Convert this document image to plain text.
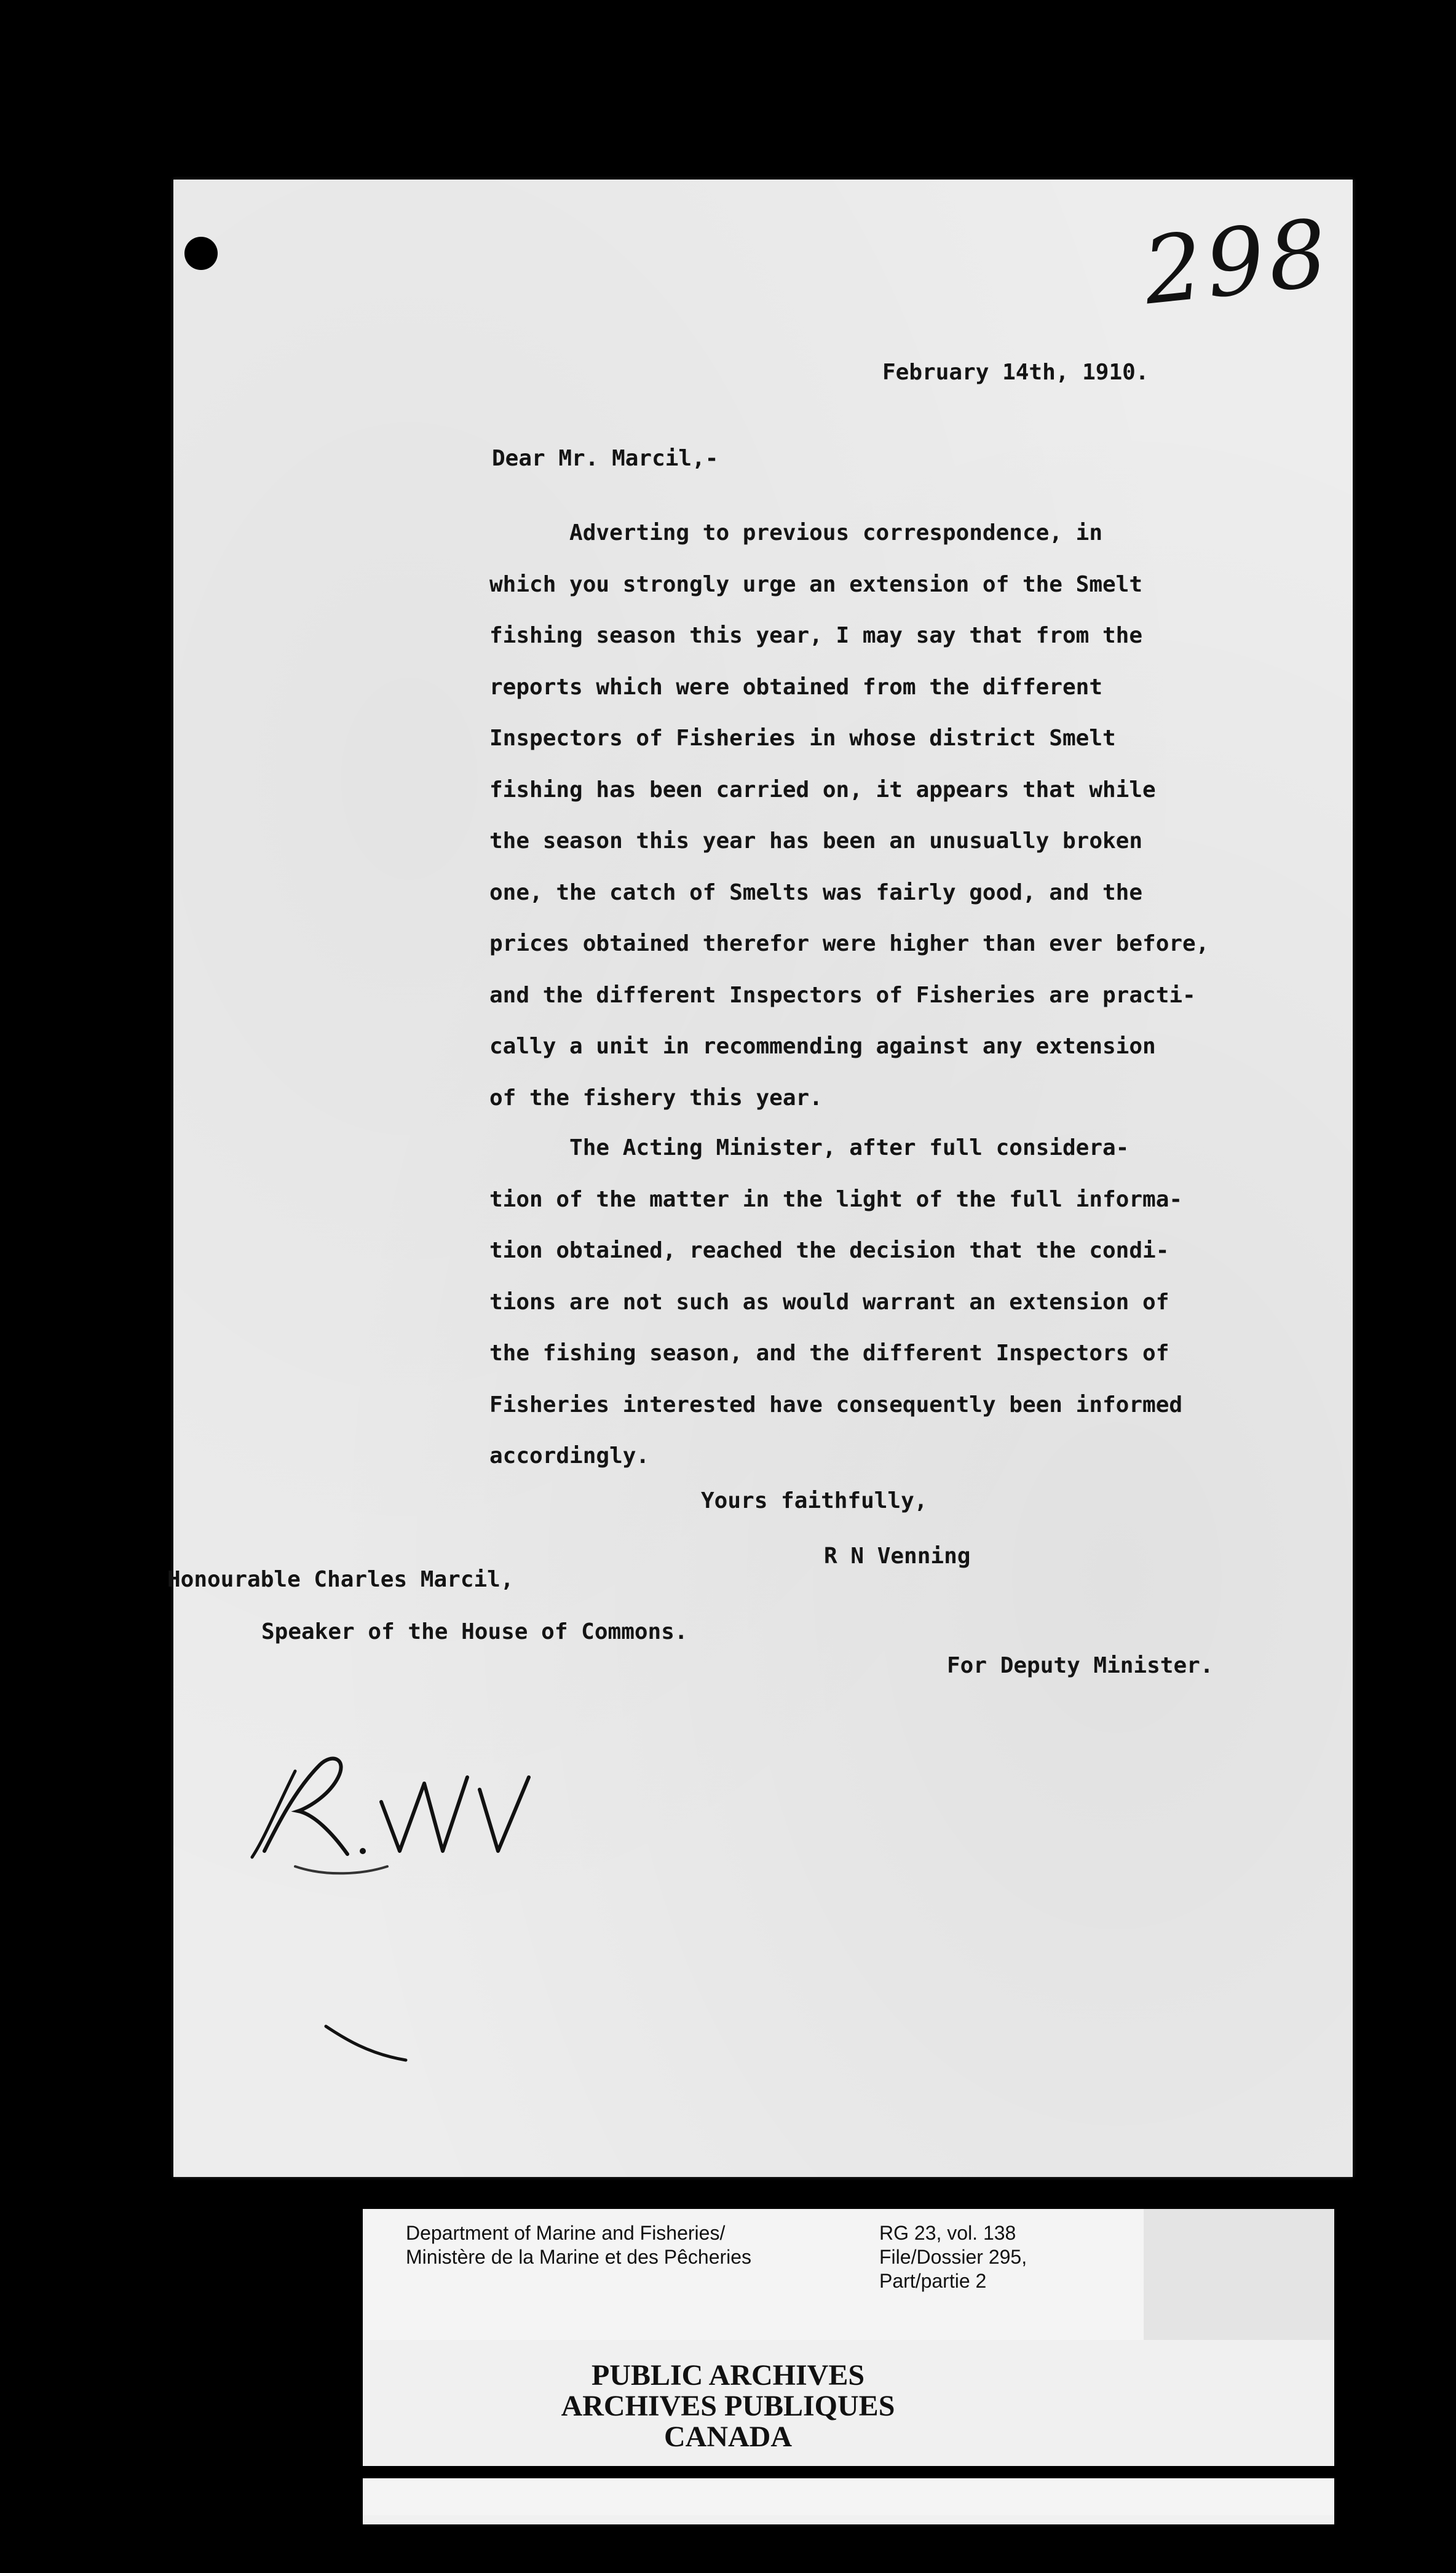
298
February 14th, 1910.
Dear Mr. Marcil,-
Adverting to previous correspondence, in
which you strongly urge an extension of the Smelt
fishing season this year, I may say that from the
reports which were obtained from the different
Inspectors of Fisheries in whose district Smelt
fishing has been carried on, it appears that while
the season this year has been an unusually broken
one, the catch of Smelts was fairly good, and the
prices obtained therefor were higher than ever before,
and the different Inspectors of Fisheries are practi-
cally a unit in recommending against any extension
of the fishery this year.
The Acting Minister, after full considera-
tion of the matter in the light of the full informa-
tion obtained, reached the decision that the condi-
tions are not such as would warrant an extension of
the fishing season, and the different Inspectors of
Fisheries interested have consequently been informed
accordingly.
Yours faithfully,
R N Venning
Honourable Charles Marcil,
Speaker of the House of Commons.
For Deputy Minister.
Department of Marine and Fisheries/
Ministère de la Marine et des Pêcheries
RG 23, vol. 138
File/Dossier 295,
Part/partie 2
PUBLIC ARCHIVES
ARCHIVES PUBLIQUES
CANADA
